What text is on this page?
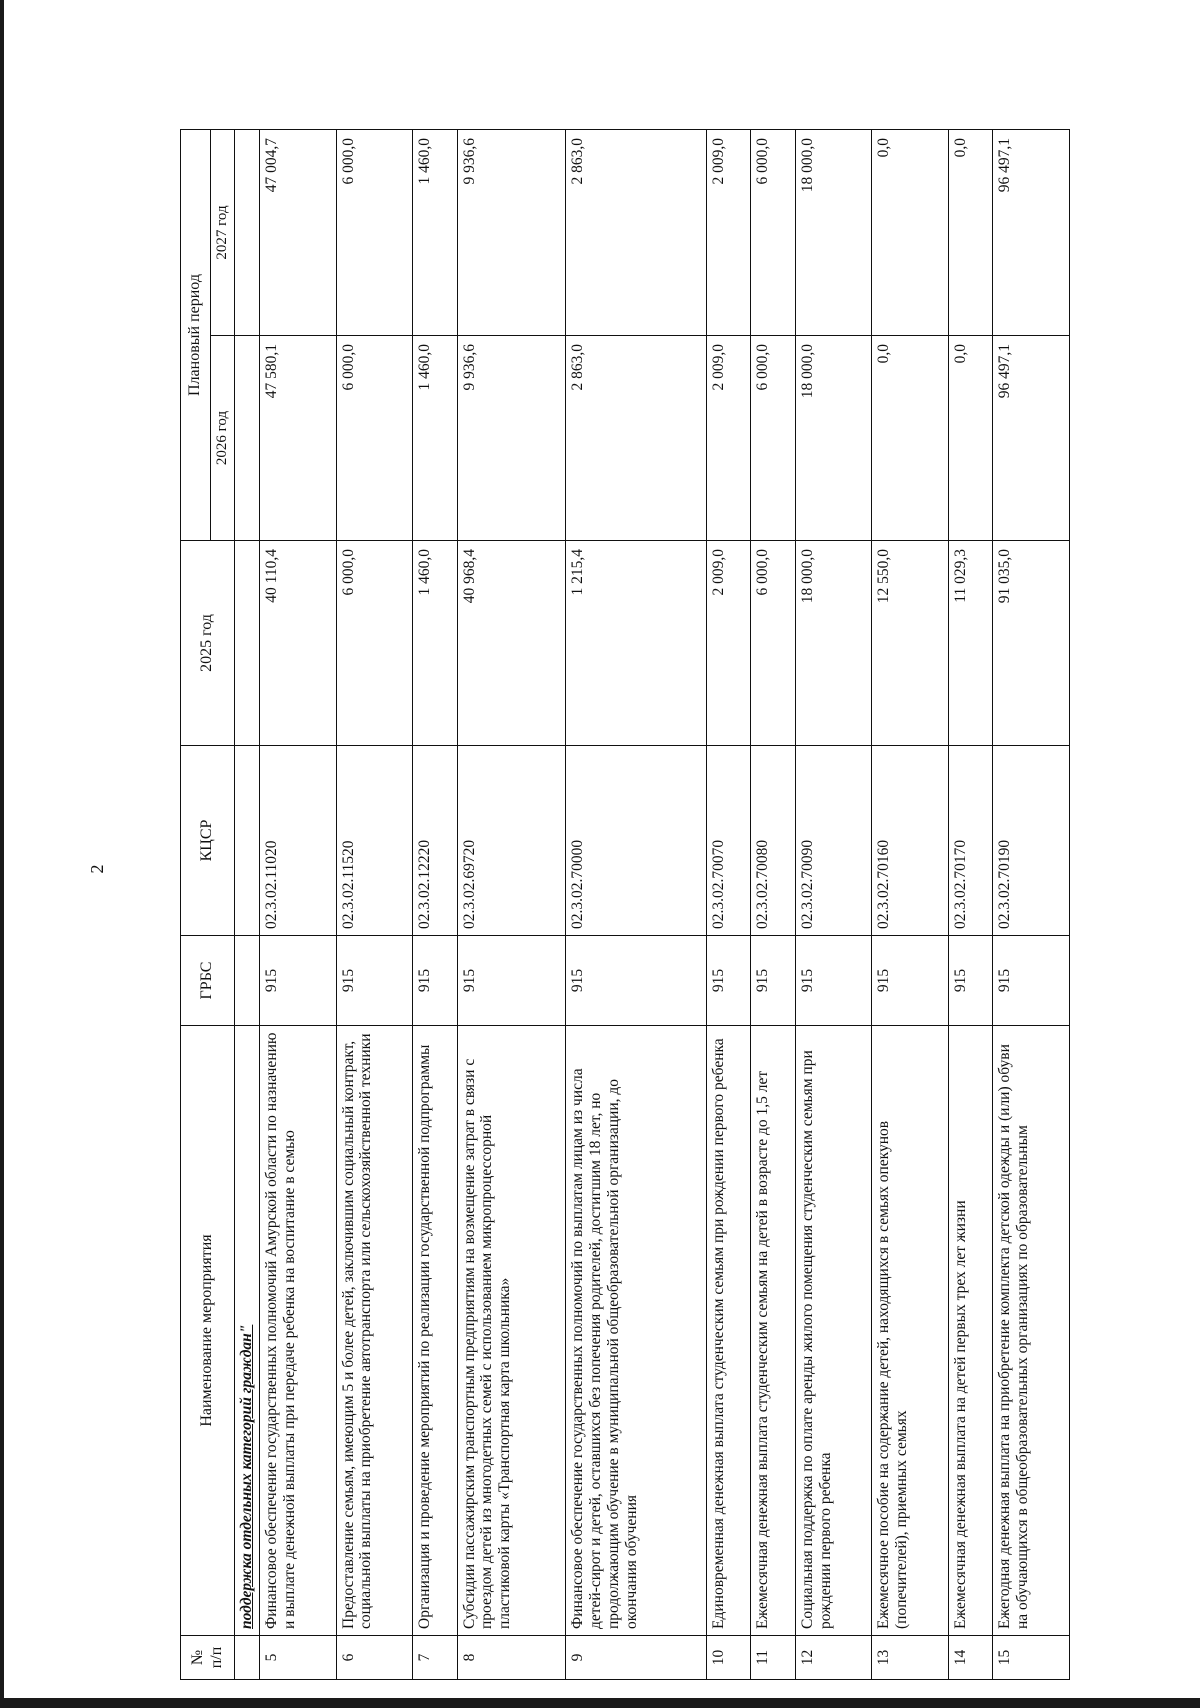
2
№ п/п	Наименование мероприятия	ГРБС	КЦСР	2025 год	Плановый период	
					2026 год	2027 год
	поддержка отдельных категорий граждан"					
5	Финансовое обеспечение государственных полномочий Амурской области по назначению и выплате денежной выплаты при передаче ребенка на воспитание в семью	915	02.3.02.11020	40 110,4	47 580,1	47 004,7
6	Предоставление семьям, имеющим 5 и более детей, заключившим социальный контракт, социальной выплаты на приобретение автотранспорта или сельскохозяйственной техники	915	02.3.02.11520	6 000,0	6 000,0	6 000,0
7	Организация и проведение мероприятий по реализации государственной подпрограммы	915	02.3.02.12220	1 460,0	1 460,0	1 460,0
8	Субсидии пассажирским транспортным предприятиям на возмещение затрат в связи с проездом детей из многодетных семей с использованием микропроцессорной пластиковой карты «Транспортная карта школьника»	915	02.3.02.69720	40 968,4	9 936,6	9 936,6
9	Финансовое обеспечение государственных полномочий по выплатам лицам из числа детей-сирот и детей, оставшихся без попечения родителей, достигшим 18 лет, но продолжающим обучение в муниципальной общеобразовательной организации, до окончания обучения	915	02.3.02.70000	1 215,4	2 863,0	2 863,0
10	Единовременная денежная выплата студенческим семьям при рождении первого ребенка	915	02.3.02.70070	2 009,0	2 009,0	2 009,0
11	Ежемесячная денежная выплата студенческим семьям на детей в возрасте до 1,5 лет	915	02.3.02.70080	6 000,0	6 000,0	6 000,0
12	Социальная поддержка по оплате аренды жилого помещения студенческим семьям при рождении первого ребенка	915	02.3.02.70090	18 000,0	18 000,0	18 000,0
13	Ежемесячное пособие на содержание детей, находящихся в семьях опекунов (попечителей), приемных семьях	915	02.3.02.70160	12 550,0	0,0	0,0
14	Ежемесячная денежная выплата на детей первых трех лет жизни	915	02.3.02.70170	11 029,3	0,0	0,0
15	Ежегодная денежная выплата на приобретение комплекта детской одежды и (или) обуви на обучающихся в общеобразовательных организациях по образовательным	915	02.3.02.70190	91 035,0	96 497,1	96 497,1
